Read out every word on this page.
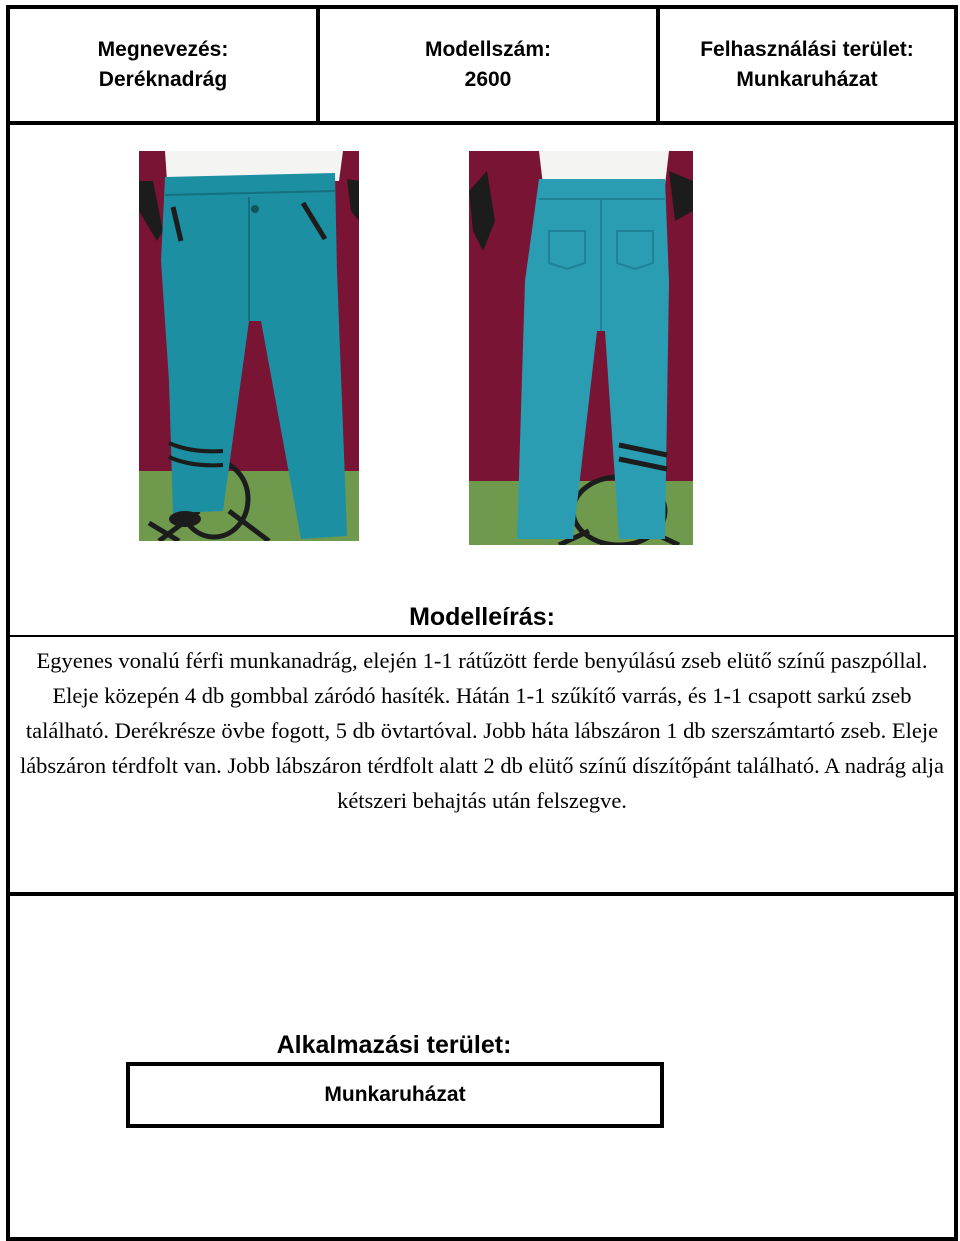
Megnevezés:
Deréknadrág
Modellszám:
2600
Felhasználási terület:
Munkaruházat
Modelleírás:
Egyenes vonalú férfi munkanadrág, elején 1-1 rátűzött ferde benyúlású zseb elütő színű paszpóllal. Eleje közepén 4 db gombbal záródó hasíték. Hátán 1-1 szűkítő varrás, és 1-1 csapott sarkú zseb található. Derékrésze övbe fogott, 5 db övtartóval. Jobb háta lábszáron 1 db szerszámtartó zseb. Eleje lábszáron térdfolt van. Jobb lábszáron térdfolt alatt 2 db elütő színű díszítőpánt található. A nadrág alja kétszeri behajtás után felszegve.
Alkalmazási terület:
Munkaruházat
